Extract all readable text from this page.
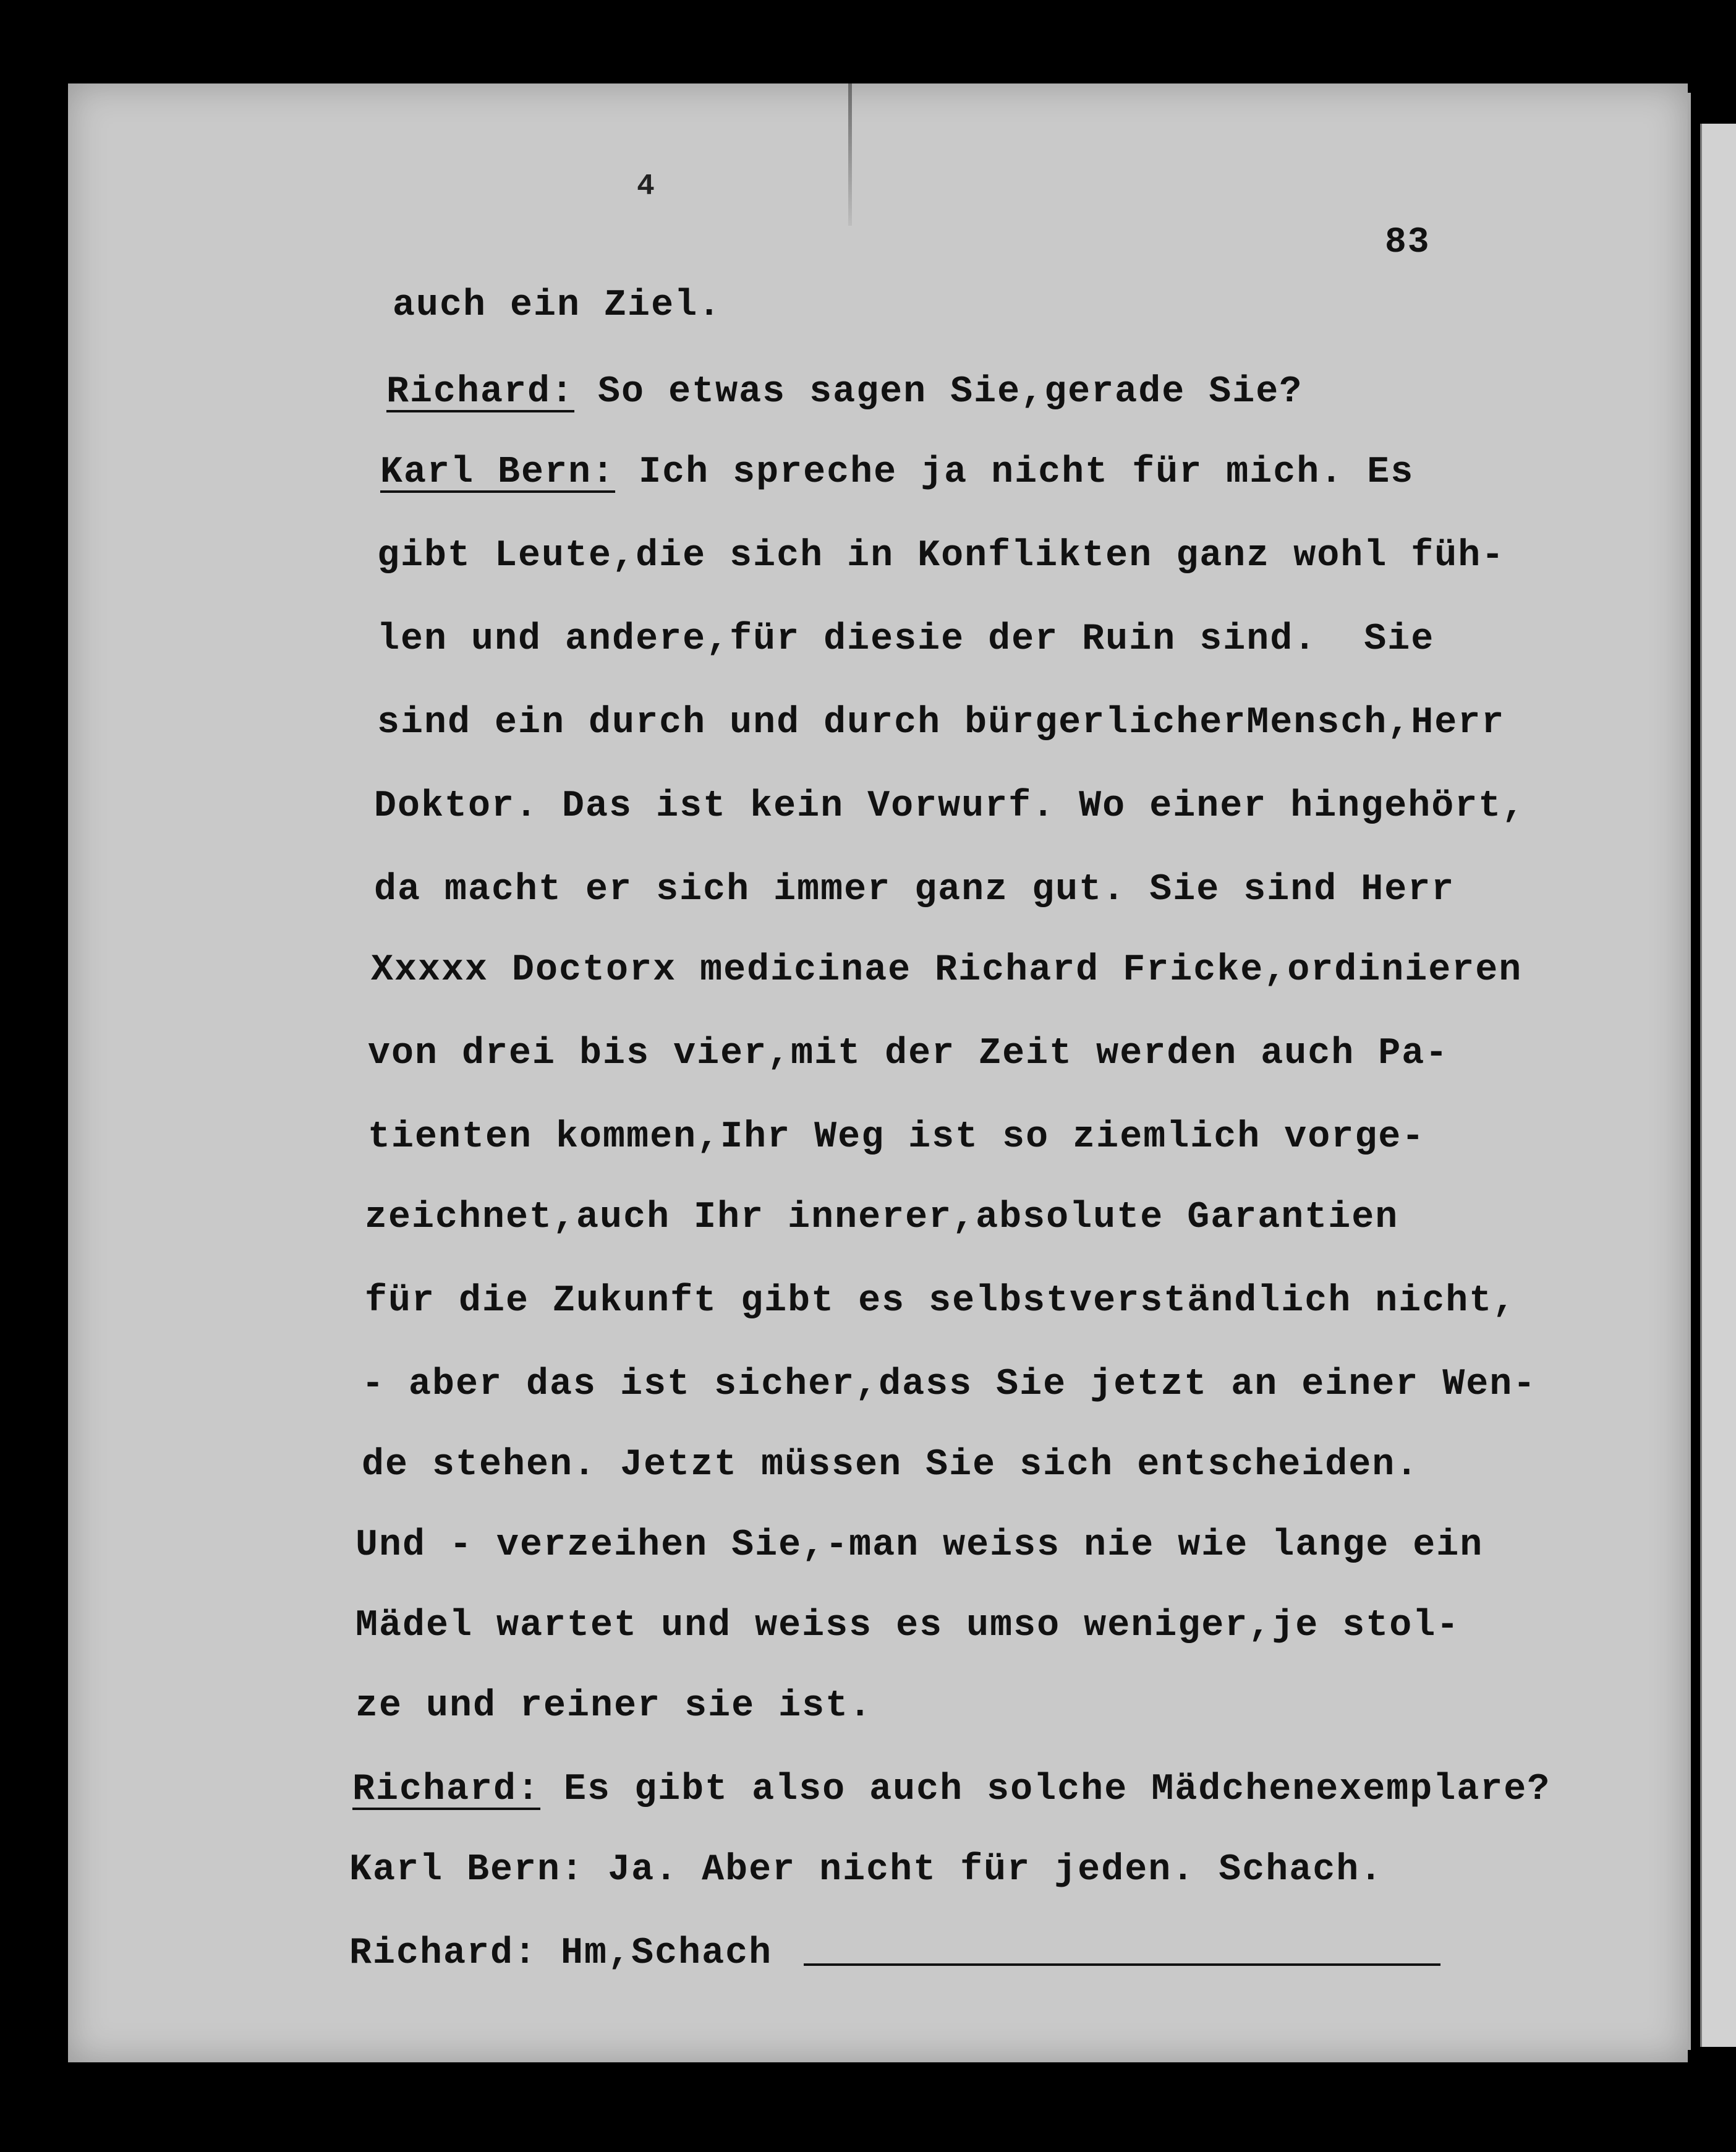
4
83
auch ein Ziel.
Richard: So etwas sagen Sie,gerade Sie?
Karl Bern: Ich spreche ja nicht für mich. Es
gibt Leute,die sich in Konflikten ganz wohl füh-
len und andere,für diesie der Ruin sind.  Sie
sind ein durch und durch bürgerlicherMensch,Herr
Doktor. Das ist kein Vorwurf. Wo einer hingehört,
da macht er sich immer ganz gut. Sie sind Herr
Xxxxx Doctorx medicinae Richard Fricke,ordinieren
von drei bis vier,mit der Zeit werden auch Pa-
tienten kommen,Ihr Weg ist so ziemlich vorge-
zeichnet,auch Ihr innerer,absolute Garantien
für die Zukunft gibt es selbstverständlich nicht,
- aber das ist sicher,dass Sie jetzt an einer Wen-
de stehen. Jetzt müssen Sie sich entscheiden.
Und - verzeihen Sie,-man weiss nie wie lange ein
Mädel wartet und weiss es umso weniger,je stol-
ze und reiner sie ist.
Richard: Es gibt also auch solche Mädchenexemplare?
Karl Bern: Ja. Aber nicht für jeden. Schach.
Richard: Hm,Schach
